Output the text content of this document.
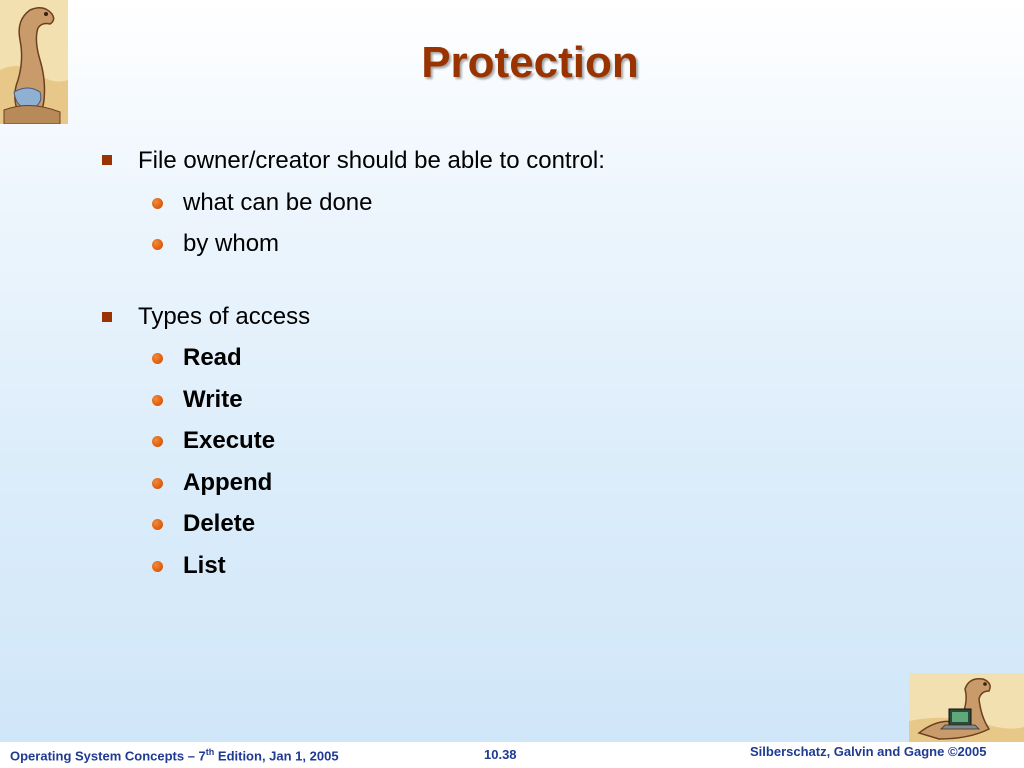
Protection
File owner/creator should be able to control:
what can be done
by whom
Types of access
Read
Write
Execute
Append
Delete
List
Operating System Concepts – 7th Edition, Jan 1, 2005	10.38	Silberschatz, Galvin and Gagne ©2005
